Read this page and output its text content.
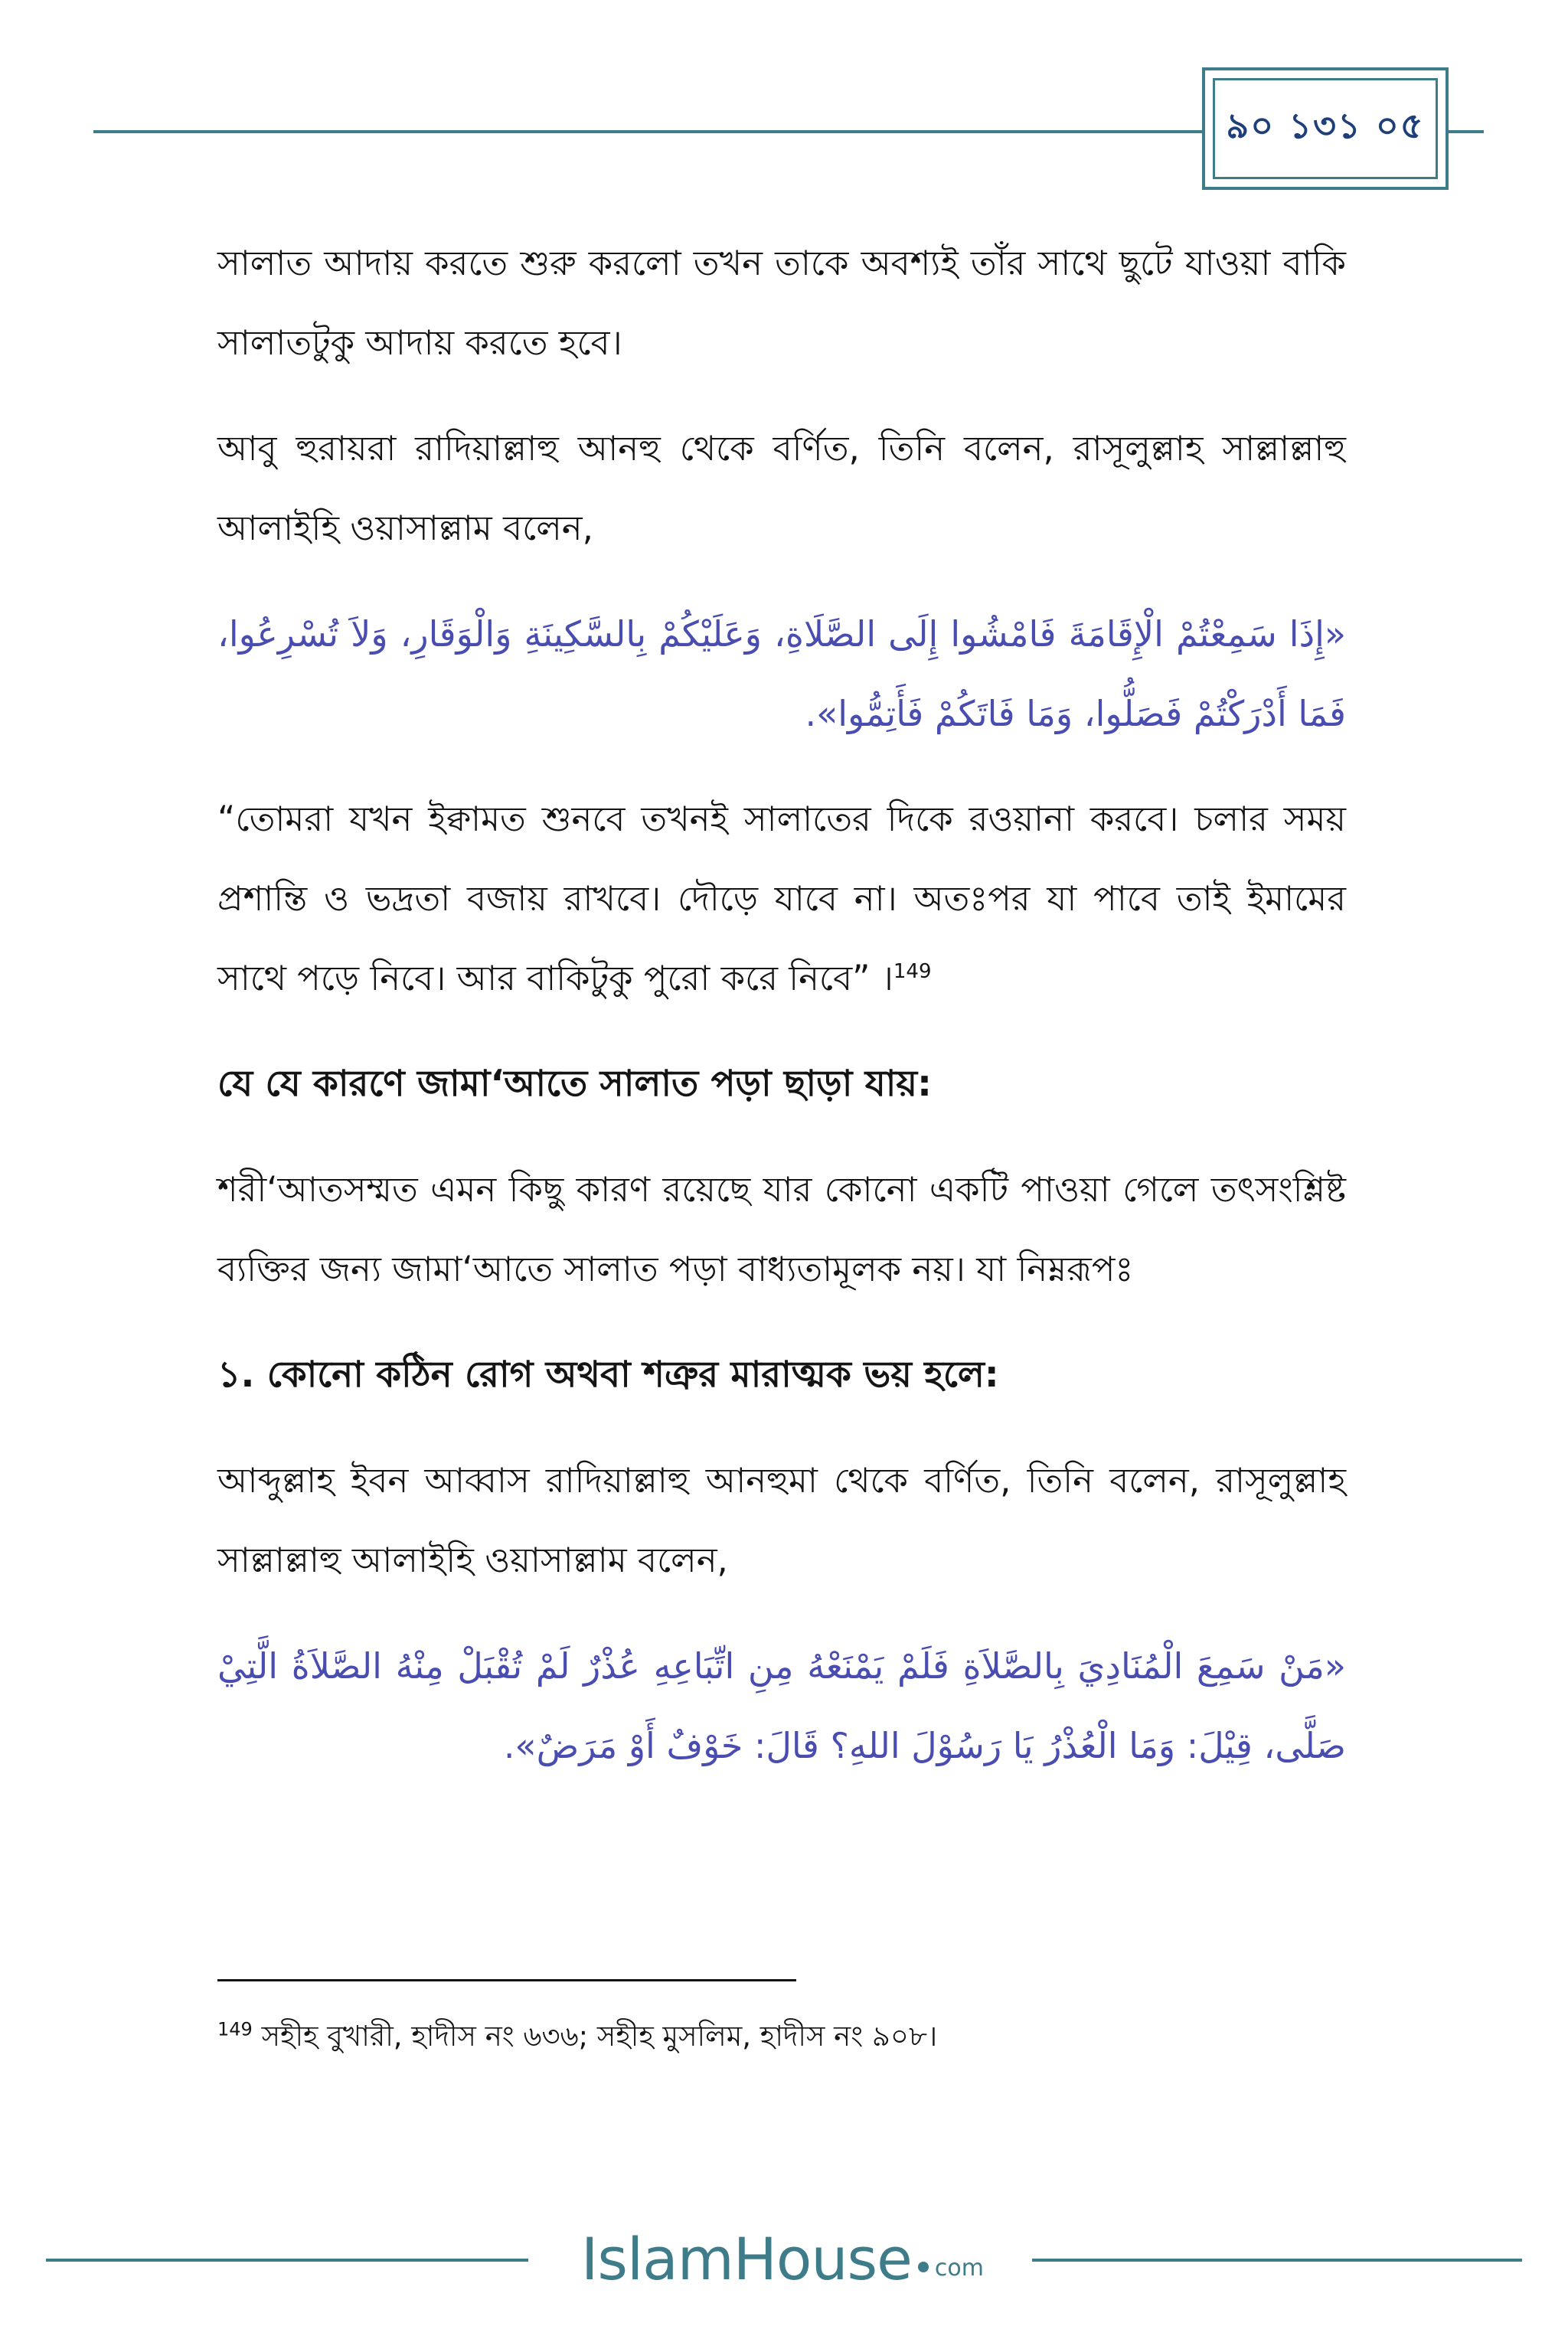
৯০ ১৩১ ০৫

সালাত আদায় করতে শুরু করলো তখন তাকে অবশ্যই তাঁর সাথে ছুটে যাওয়া বাকি সালাতটুকু আদায় করতে হবে।

আবু হুরায়রা রাদিয়াল্লাহু আনহু থেকে বর্ণিত, তিনি বলেন, রাসূলুল্লাহ সাল্লাল্লাহু আলাইহি ওয়াসাল্লাম বলেন,

«إِذَا سَمِعْتُمْ الْإِقَامَةَ فَامْشُوا إِلَى الصَّلَاةِ، وَعَلَيْكُمْ بِالسَّكِينَةِ وَالْوَقَارِ، وَلاَ تُسْرِعُوا، فَمَا أَدْرَكْتُمْ فَصَلُّوا، وَمَا فَاتَكُمْ فَأَتِمُّوا».

“তোমরা যখন ইক্বামত শুনবে তখনই সালাতের দিকে রওয়ানা করবে। চলার সময় প্রশান্তি ও ভদ্রতা বজায় রাখবে। দৌড়ে যাবে না। অতঃপর যা পাবে তাই ইমামের সাথে পড়ে নিবে। আর বাকিটুকু পুরো করে নিবে” ।$^{149}$

যে যে কারণে জামা‘আতে সালাত পড়া ছাড়া যায়:

শরী‘আতসম্মত এমন কিছু কারণ রয়েছে যার কোনো একটি পাওয়া গেলে তৎসংশ্লিষ্ট ব্যক্তির জন্য জামা‘আতে সালাত পড়া বাধ্যতামূলক নয়। যা নিম্নরূপঃ

১. কোনো কঠিন রোগ অথবা শত্রুর মারাত্মক ভয় হলে:

আব্দুল্লাহ ইবন আব্বাস রাদিয়াল্লাহু আনহুমা থেকে বর্ণিত, তিনি বলেন, রাসূলুল্লাহ সাল্লাল্লাহু আলাইহি ওয়াসাল্লাম বলেন,

«مَنْ سَمِعَ الْمُنَادِيَ بِالصَّلاَةِ فَلَمْ يَمْنَعْهُ مِنِ اتِّبَاعِهِ عُذْرٌ لَمْ تُقْبَلْ مِنْهُ الصَّلاَةُ الَّتِيْ صَلَّى، قِيْلَ: وَمَا الْعُذْرُ يَا رَسُوْلَ اللهِ؟ قَالَ: خَوْفٌ أَوْ مَرَضٌ».

$^{149}$ সহীহ বুখারী, হাদীস নং ৬৩৬; সহীহ মুসলিম, হাদীস নং ৯০৮।
IslamHouse com
